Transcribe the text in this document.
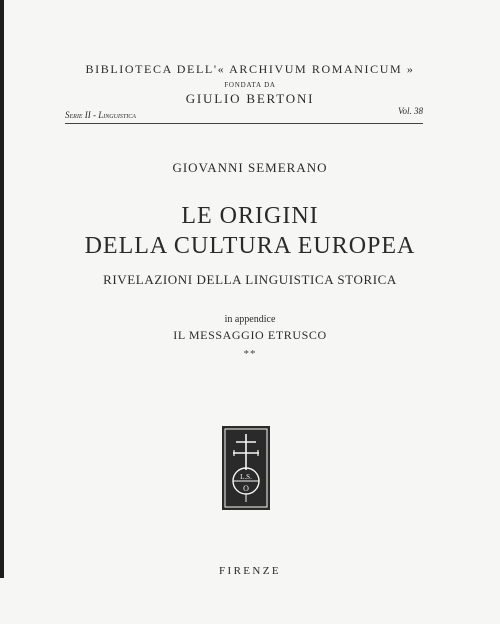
BIBLIOTECA DELL'« ARCHIVUM ROMANICUM »
FONDATA DA
GIULIO BERTONI
Serie II - Linguistica	Vol. 38
GIOVANNI SEMERANO
LE ORIGINI
DELLA CULTURA EUROPEA
RIVELAZIONI DELLA LINGUISTICA STORICA
in appendice
IL MESSAGGIO ETRUSCO
**
L.S.
O
FIRENZE
